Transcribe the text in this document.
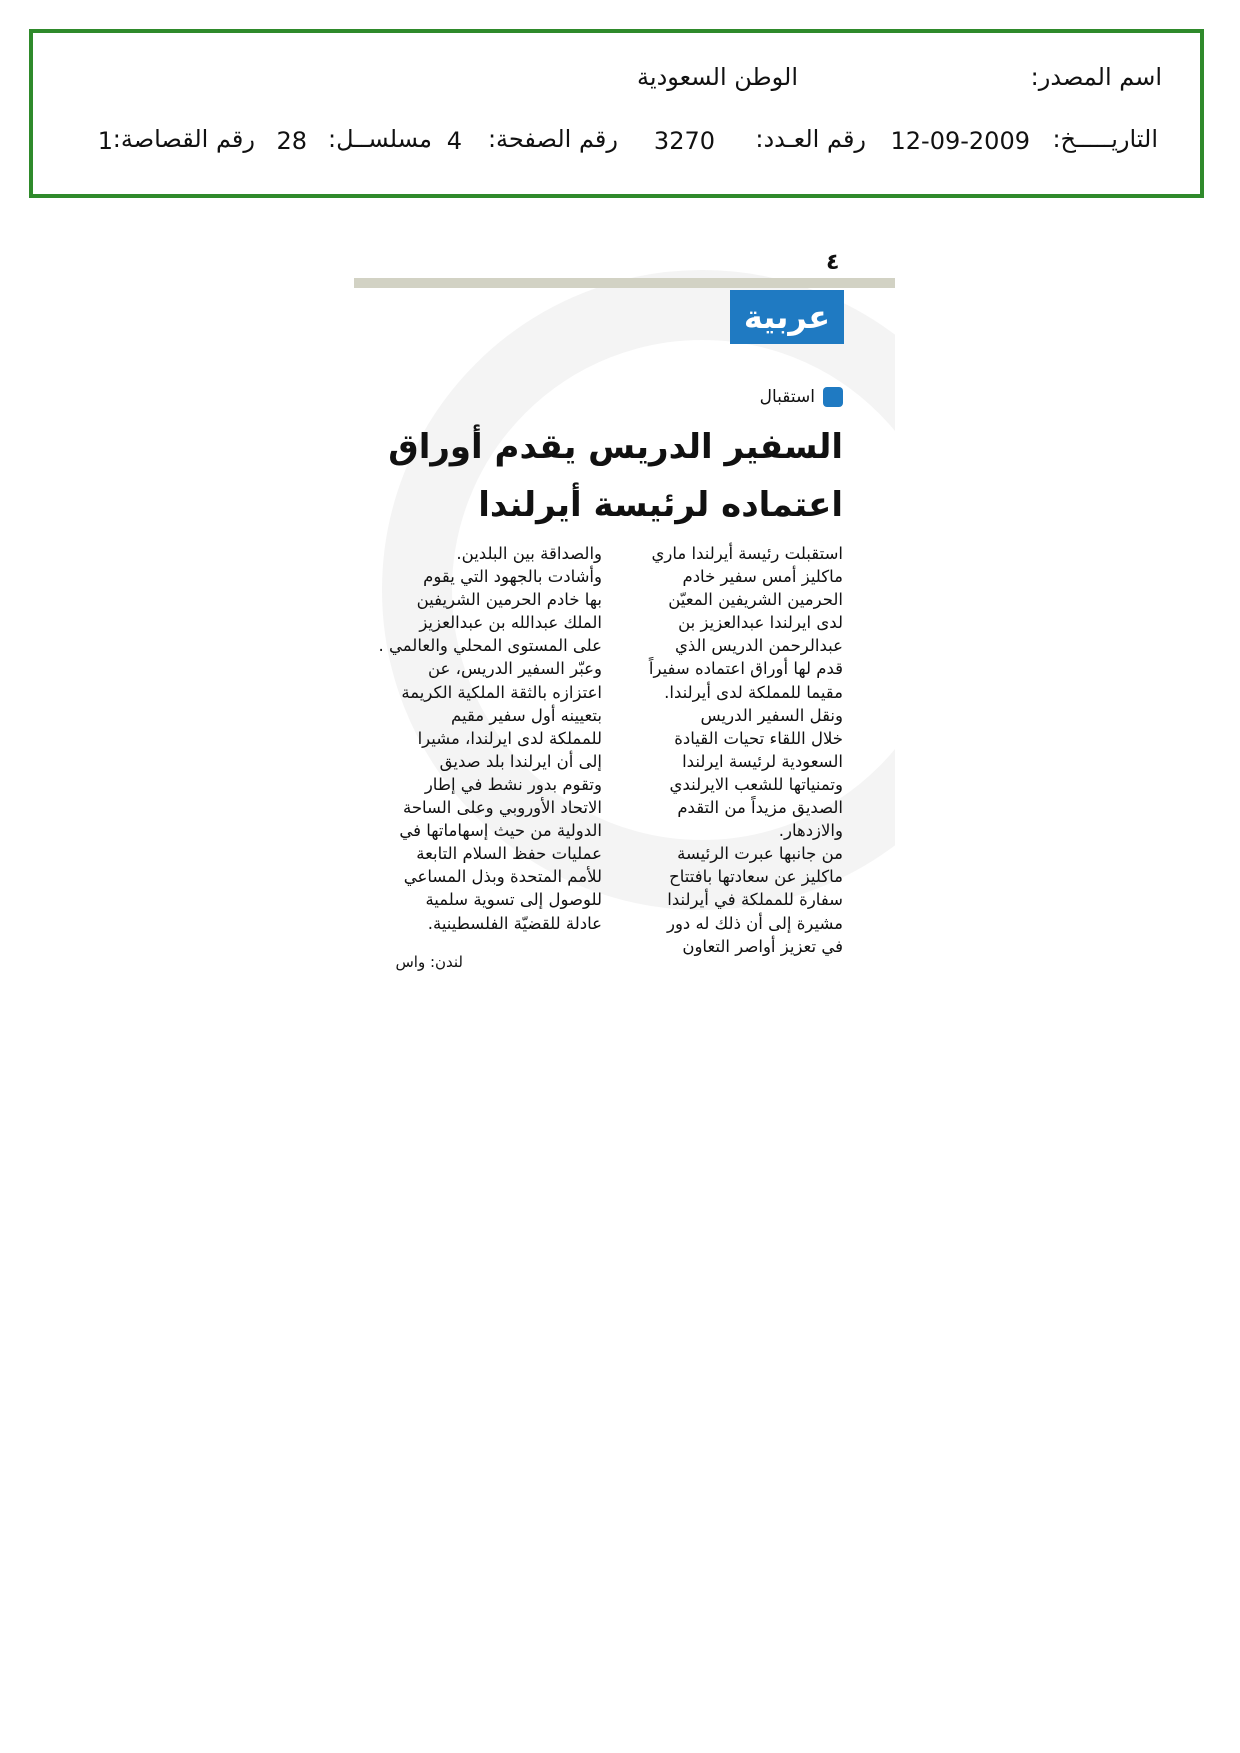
اسم المصدر:
الوطن السعودية
التاريـــــخ:
12-09-2009
رقم العـدد:
3270
رقم الصفحة:
4
مسلســل:
28
رقم القصاصة:
1
٤
عربية
استقبال
السفير الدريس يقدم أوراق
اعتماده لرئيسة أيرلندا
استقبلت رئيسة أيرلندا ماري
ماكليز أمس سفير خادم
الحرمين الشريفين المعيّن
لدى ايرلندا عبدالعزيز بن
عبدالرحمن الدريس الذي
قدم لها أوراق اعتماده سفيراً
مقيما للمملكة لدى أيرلندا.
ونقل السفير الدريس
خلال اللقاء تحيات القيادة
السعودية لرئيسة ايرلندا
وتمنياتها للشعب الايرلندي
الصديق مزيداً من التقدم
والازدهار.
من جانبها عبرت الرئيسة
ماكليز عن سعادتها بافتتاح
سفارة للمملكة في أيرلندا
مشيرة إلى أن ذلك له دور
في تعزيز أواصر التعاون
والصداقة بين البلدين.
وأشادت بالجهود التي يقوم
بها خادم الحرمين الشريفين
الملك عبدالله بن عبدالعزيز
على المستوى المحلي والعالمي .
وعبّر السفير الدريس، عن
اعتزازه بالثقة الملكية الكريمة
بتعيينه أول سفير مقيم
للمملكة لدى ايرلندا، مشيرا
إلى أن ايرلندا بلد صديق
وتقوم بدور نشط في إطار
الاتحاد الأوروبي وعلى الساحة
الدولية من حيث إسهاماتها في
عمليات حفظ السلام التابعة
للأمم المتحدة وبذل المساعي
للوصول إلى تسوية سلمية
عادلة للقضيّة الفلسطينية.
لندن: واس
